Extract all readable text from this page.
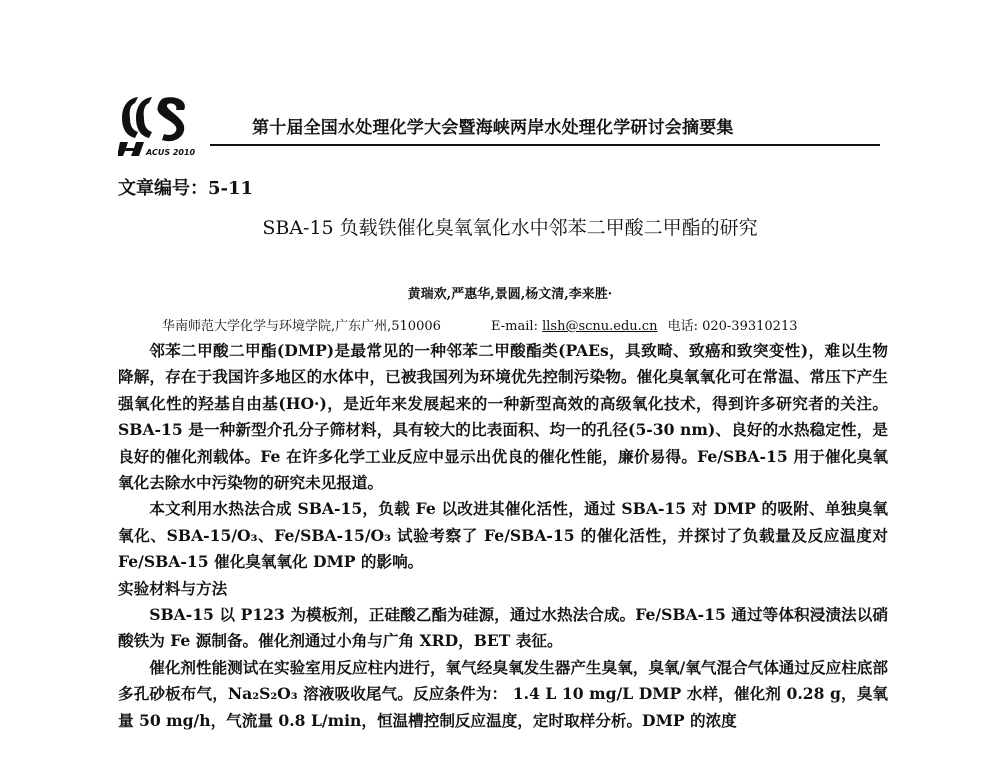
ACUS 2010
第十届全国水处理化学大会暨海峡两岸水处理化学研讨会摘要集
文章编号：5-11
SBA-15 负载铁催化臭氧氧化水中邻苯二甲酸二甲酯的研究
黄瑞欢,严惠华,景圆,杨文清,李来胜·
华南师范大学化学与环境学院,广东广州,510006	E-mail: llsh@scnu.edu.cn 电话: 020-39310213

邻苯二甲酸二甲酯(DMP)是最常见的一种邻苯二甲酸酯类(PAEs，具致畸、致癌和致突变性)，难以生物降解，存在于我国许多地区的水体中，已被我国列为环境优先控制污染物。催化臭氧氧化可在常温、常压下产生强氧化性的羟基自由基(HO·)，是近年来发展起来的一种新型高效的高级氧化技术，得到许多研究者的关注。SBA-15 是一种新型介孔分子筛材料，具有较大的比表面积、均一的孔径(5-30 nm)、良好的水热稳定性，是良好的催化剂载体。Fe 在许多化学工业反应中显示出优良的催化性能，廉价易得。Fe/SBA-15 用于催化臭氧氧化去除水中污染物的研究未见报道。

本文利用水热法合成 SBA-15，负载 Fe 以改进其催化活性，通过 SBA-15 对 DMP 的吸附、单独臭氧氧化、SBA-15/O₃、Fe/SBA-15/O₃ 试验考察了 Fe/SBA-15 的催化活性，并探讨了负载量及反应温度对 Fe/SBA-15 催化臭氧氧化 DMP 的影响。

实验材料与方法

SBA-15 以 P123 为模板剂，正硅酸乙酯为硅源，通过水热法合成。Fe/SBA-15 通过等体积浸渍法以硝酸铁为 Fe 源制备。催化剂通过小角与广角 XRD，BET 表征。

催化剂性能测试在实验室用反应柱内进行，氧气经臭氧发生器产生臭氧，臭氧/氧气混合气体通过反应柱底部多孔砂板布气，Na₂S₂O₃ 溶液吸收尾气。反应条件为： 1.4 L 10 mg/L DMP 水样，催化剂 0.28 g，臭氧量 50 mg/h，气流量 0.8 L/min，恒温槽控制反应温度，定时取样分析。DMP 的浓度
